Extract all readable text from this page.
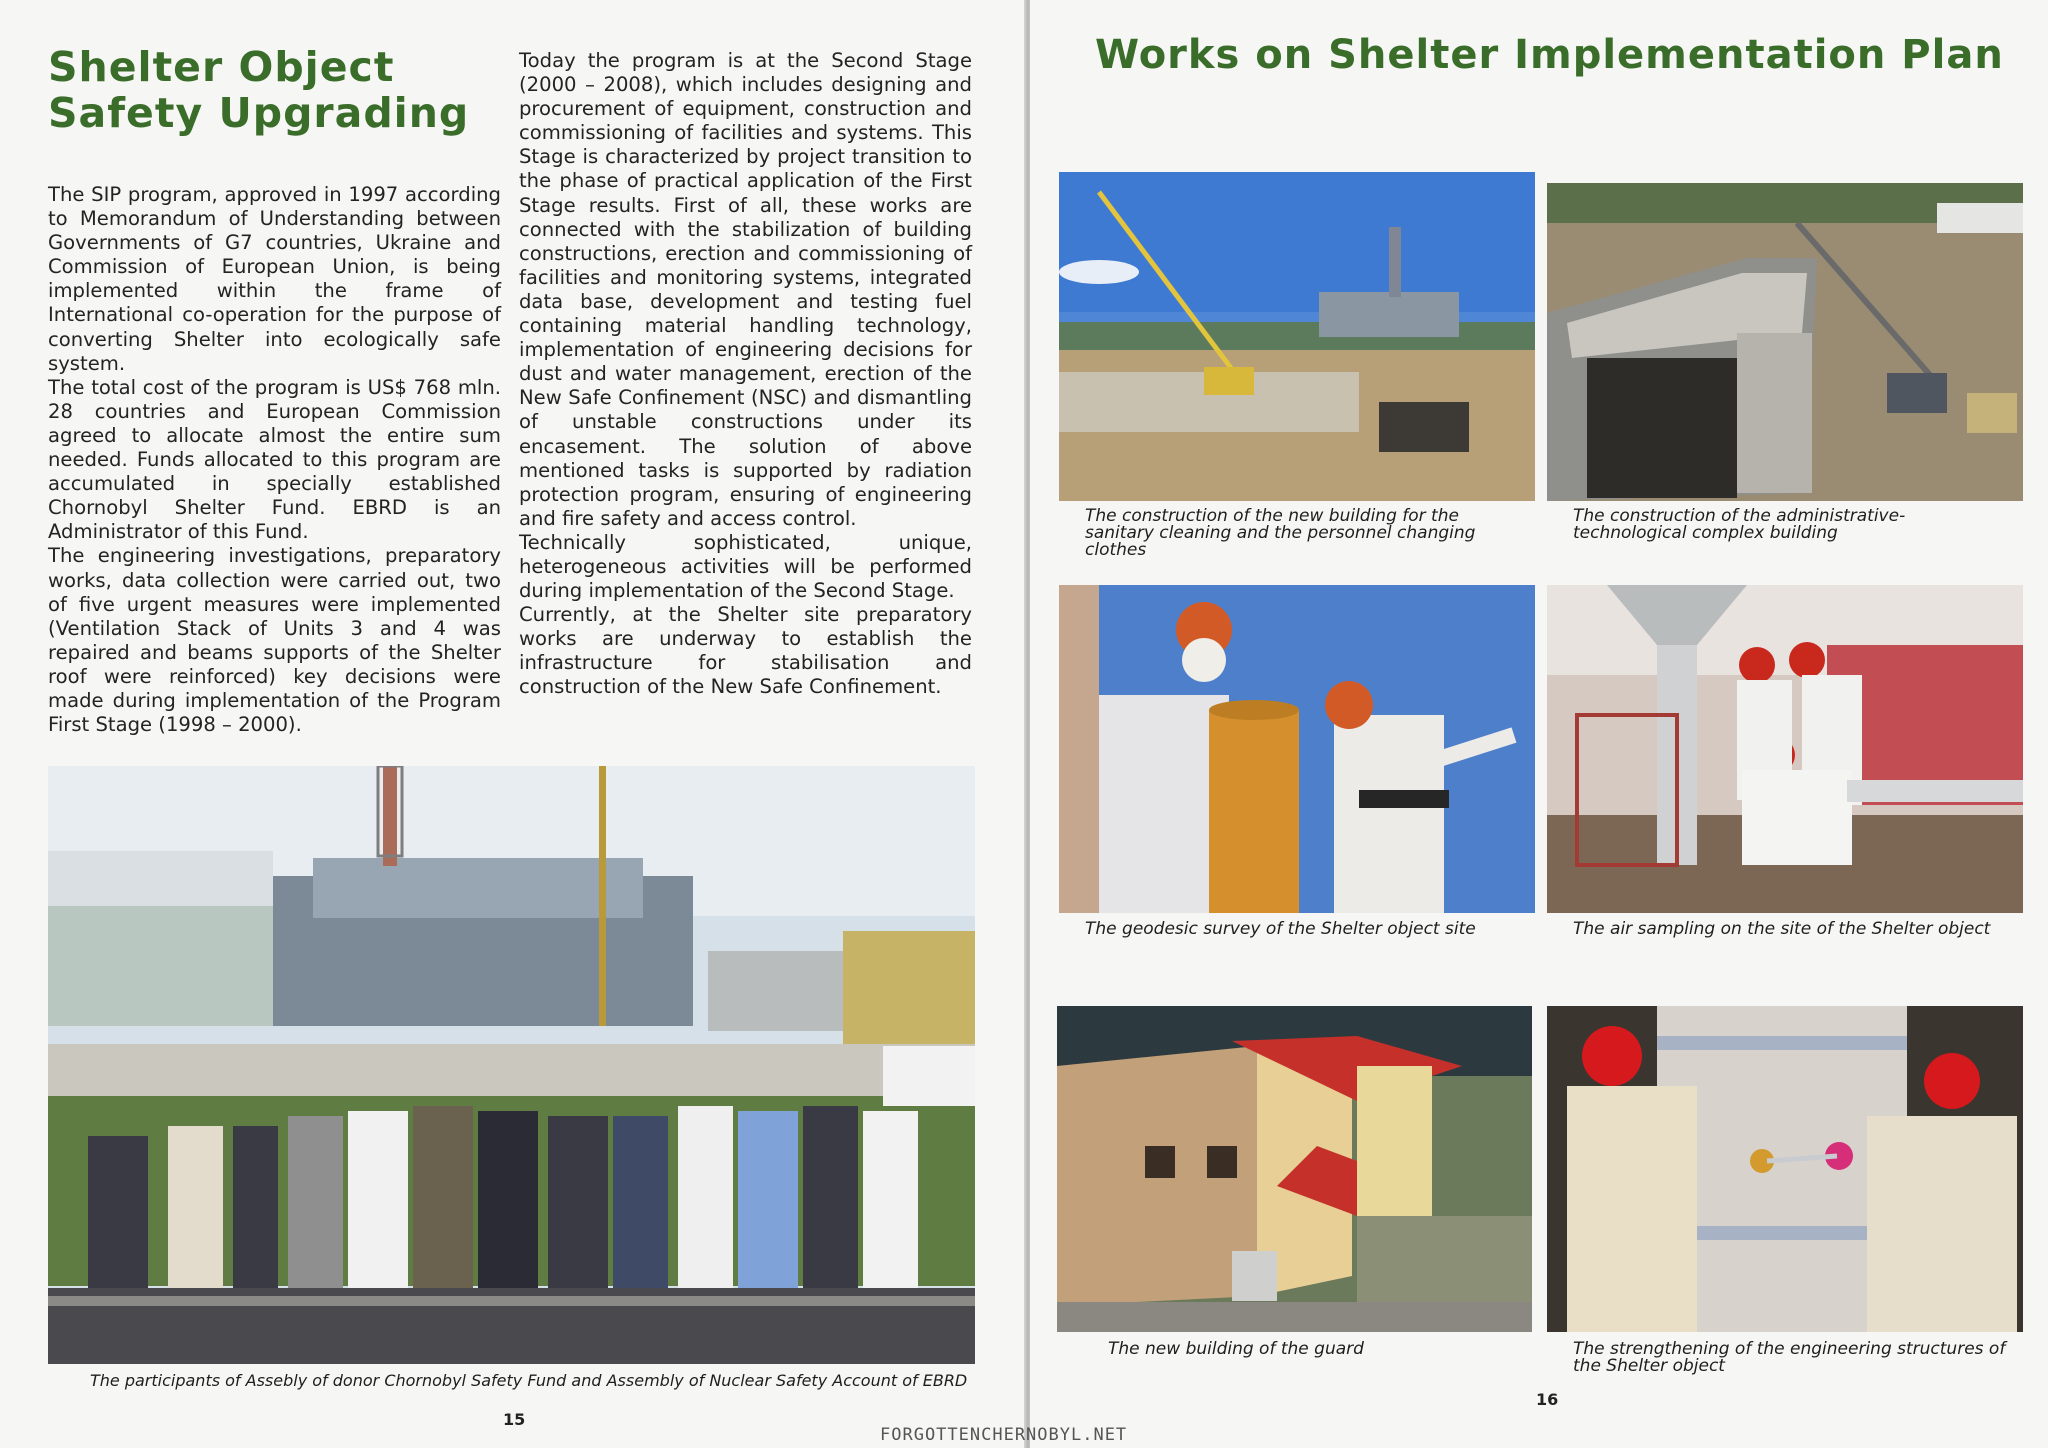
Shelter Object
Safety Upgrading

The SIP program, approved in 1997 according to Memorandum of Understanding between Governments of G7 countries, Ukraine and Commission of European Union, is being implemented within the frame of International co-operation for the purpose of converting Shelter into ecologically safe system.

The total cost of the program is US$ 768 mln. 28 countries and European Commission agreed to allocate almost the entire sum needed. Funds allocated to this program are accumulated in specially established Chornobyl Shelter Fund. EBRD is an Administrator of this Fund.

The engineering investigations, preparatory works, data collection were carried out, two of five urgent measures were implemented (Ventilation Stack of Units 3 and 4 was repaired and beams supports of the Shelter roof were reinforced) key decisions were made during implementation of the Program First Stage (1998 – 2000).

Today the program is at the Second Stage (2000 – 2008), which includes designing and procurement of equipment, construction and commissioning of facilities and systems. This Stage is characterized by project transition to the phase of practical application of the First Stage results. First of all, these works are connected with the stabilization of building constructions, erection and commissioning of facilities and monitoring systems, integrated data base, development and testing fuel containing material handling technology, implementation of engineering decisions for dust and water management, erection of the New Safe Confinement (NSC) and dismantling of unstable constructions under its encasement. The solution of above mentioned tasks is supported by radiation protection program, ensuring of engineering and fire safety and access control.

Technically sophisticated, unique, heterogeneous activities will be performed during implementation of the Second Stage.

Currently, at the Shelter site preparatory works are underway to establish the infrastructure for stabilisation and construction of the New Safe Confinement.

The participants of Assebly of donor Chornobyl Safety Fund and Assembly of Nuclear Safety Account of EBRD
15
Works on Shelter Implementation Plan
The construction of the new building for the sanitary cleaning and the personnel changing clothes
The construction of the administrative-technological complex building
The geodesic survey of the Shelter object site	The air sampling on the site of the Shelter object
The new building of the guard	The strengthening of the engineering structures of the Shelter object
16
FORGOTTENCHERNOBYL.NET
